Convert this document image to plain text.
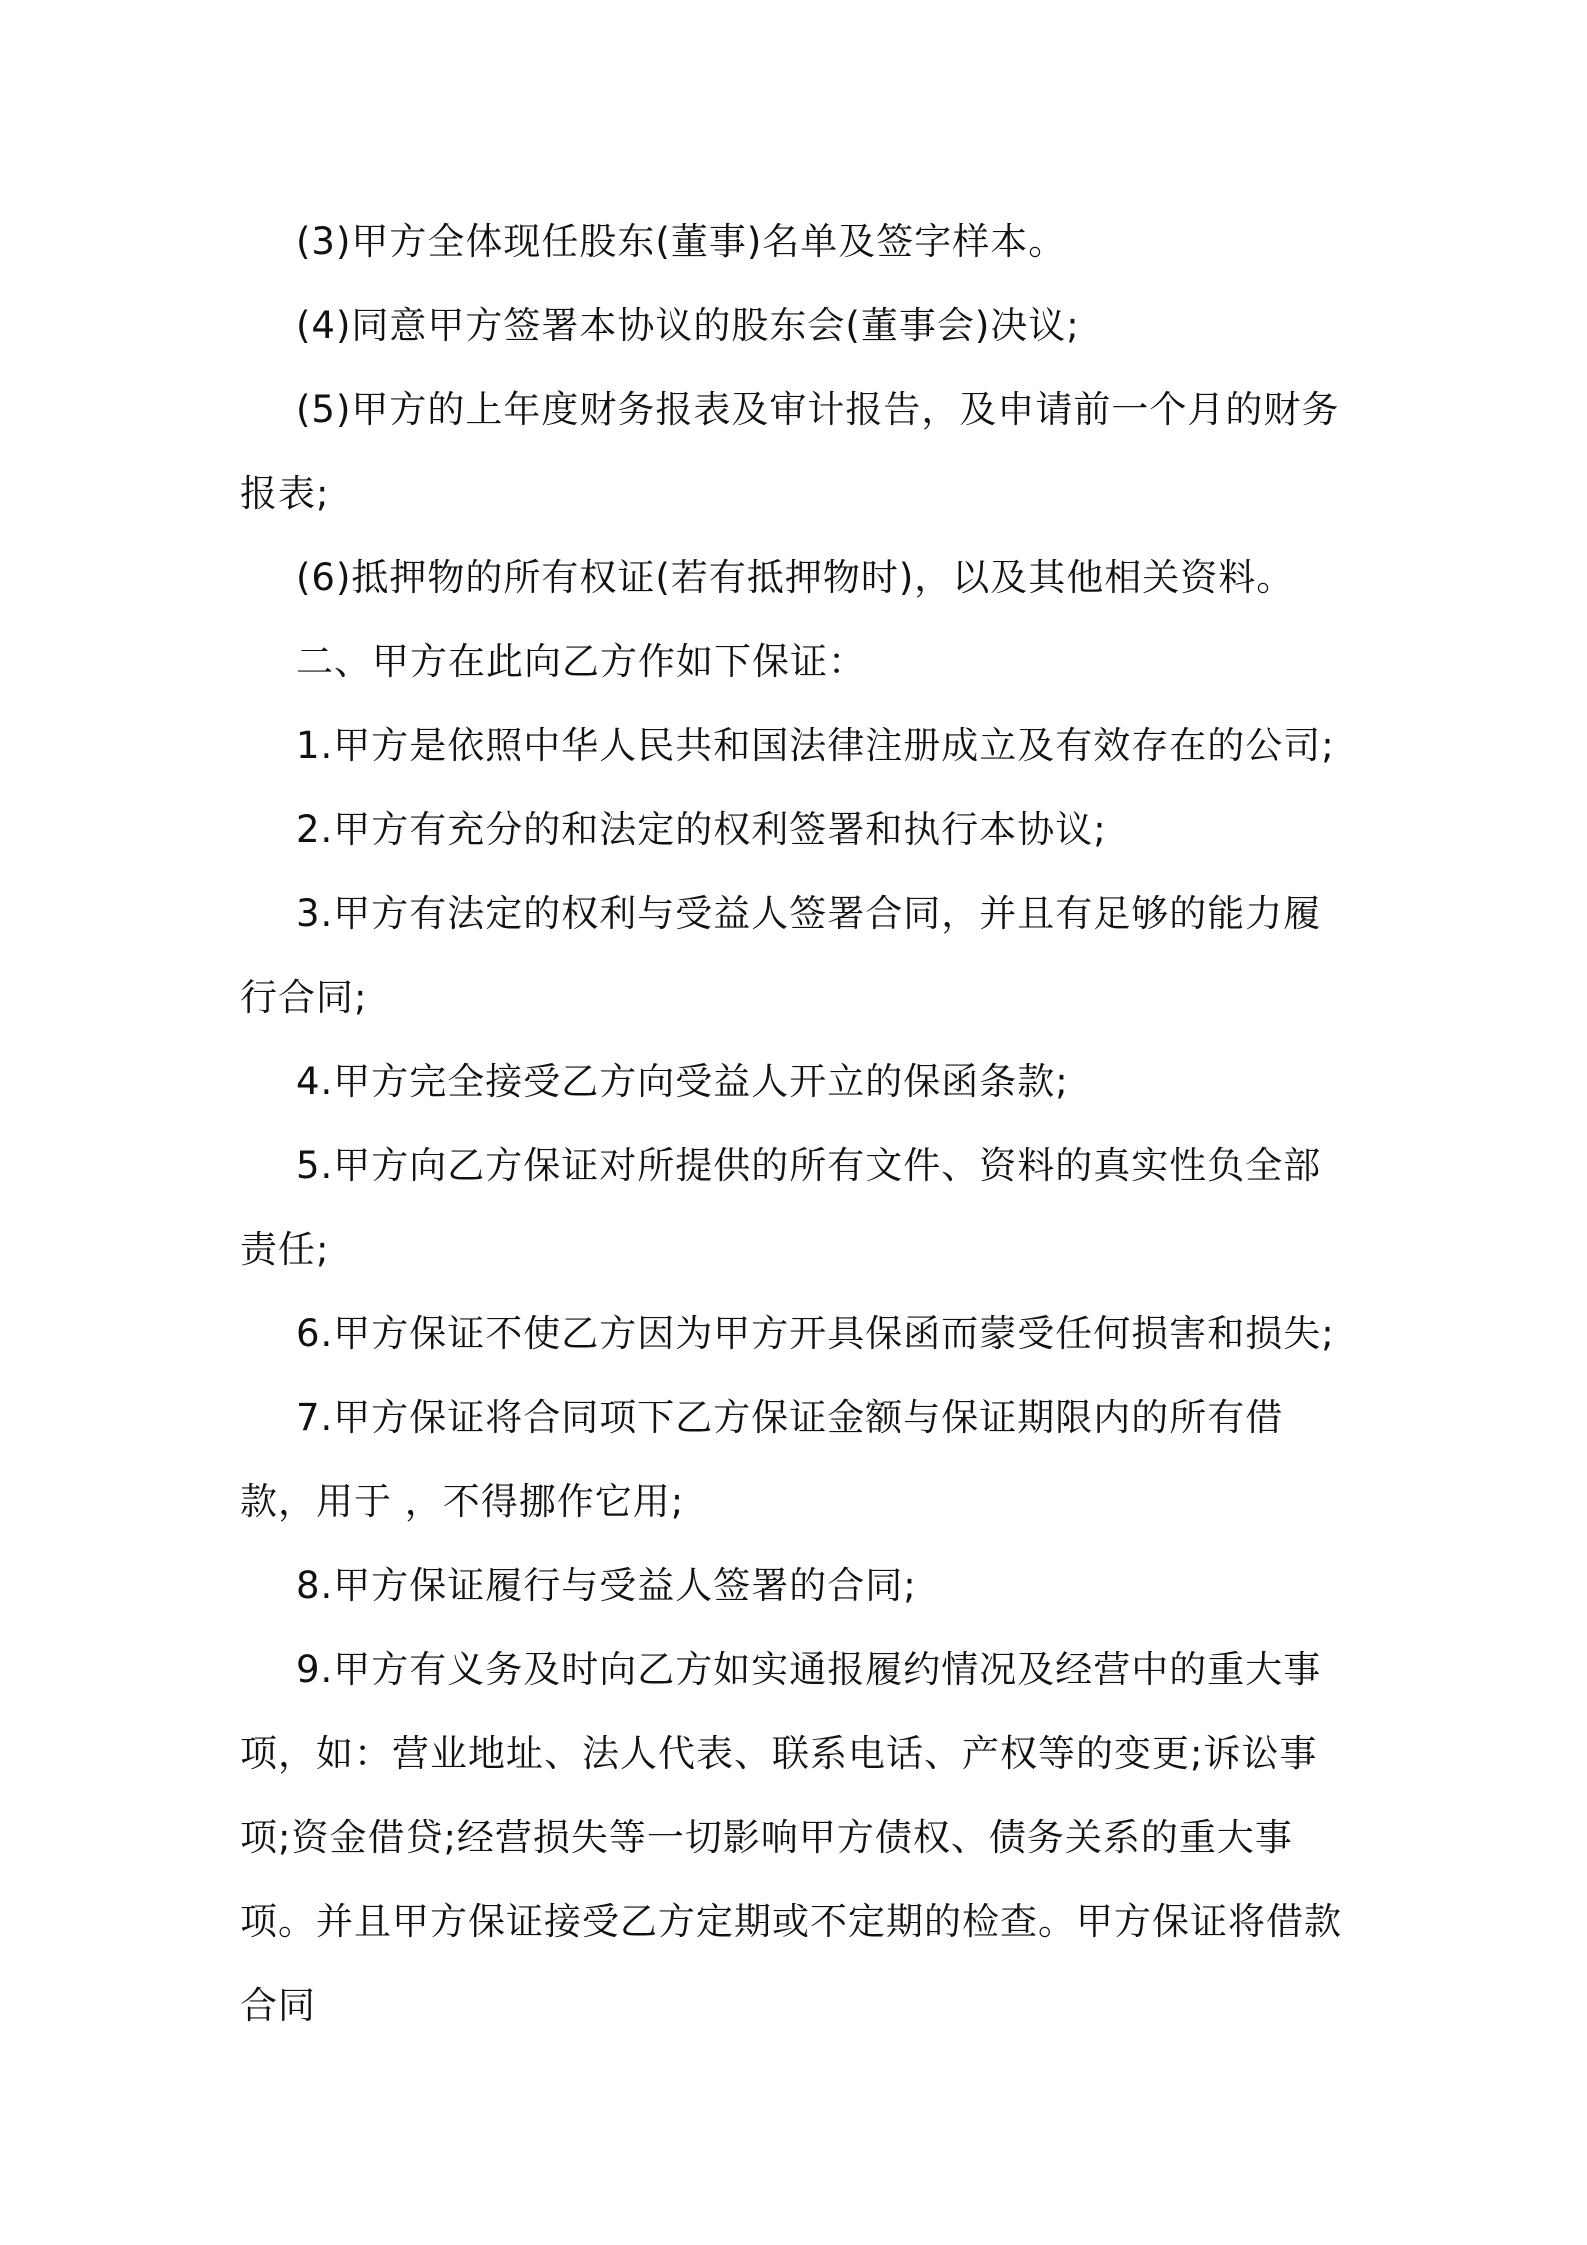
(3)甲方全体现任股东(董事)名单及签字样本。

(4)同意甲方签署本协议的股东会(董事会)决议;

(5)甲方的上年度财务报表及审计报告，及申请前一个月的财务报表;

(6)抵押物的所有权证(若有抵押物时)，以及其他相关资料。

二、甲方在此向乙方作如下保证：

1.甲方是依照中华人民共和国法律注册成立及有效存在的公司;

2.甲方有充分的和法定的权利签署和执行本协议;

3.甲方有法定的权利与受益人签署合同，并且有足够的能力履行合同;

4.甲方完全接受乙方向受益人开立的保函条款;

5.甲方向乙方保证对所提供的所有文件、资料的真实性负全部责任;

6.甲方保证不使乙方因为甲方开具保函而蒙受任何损害和损失;

7.甲方保证将合同项下乙方保证金额与保证期限内的所有借款，用于 ，不得挪作它用;

8.甲方保证履行与受益人签署的合同;

9.甲方有义务及时向乙方如实通报履约情况及经营中的重大事项，如：营业地址、法人代表、联系电话、产权等的变更;诉讼事项;资金借贷;经营损失等一切影响甲方债权、债务关系的重大事项。并且甲方保证接受乙方定期或不定期的检查。甲方保证将借款合同
